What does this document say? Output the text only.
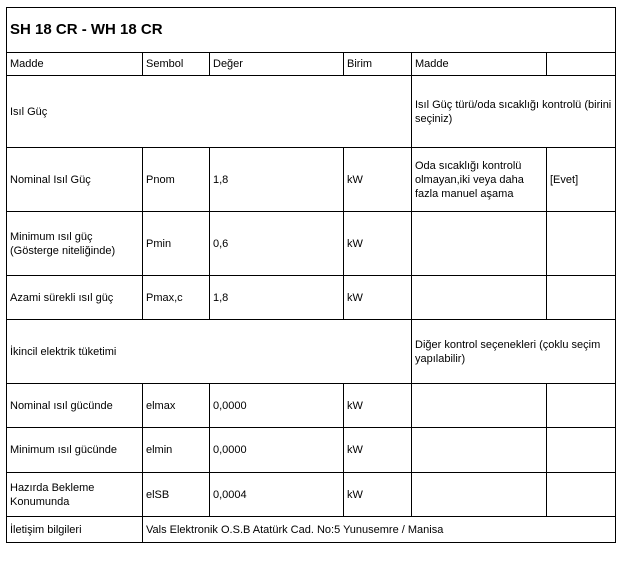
SH 18 CR - WH 18 CR					
Madde	Sembol	Değer	Birim	Madde	
Isıl Güç				Isıl Güç türü/oda sıcaklığı kontrolü (birini seçiniz)	
Nominal Isıl Güç	Pnom	1,8	kW	Oda sıcaklığı kontrolü olmayan,iki veya daha fazla manuel aşama	[Evet]
Minimum ısıl güç (Gösterge niteliğinde)	Pmin	0,6	kW		
Azami sürekli ısıl güç	Pmax,c	1,8	kW		
İkincil elektrik tüketimi				Diğer kontrol seçenekleri (çoklu seçim yapılabilir)	
Nominal ısıl gücünde	elmax	0,0000	kW		
Minimum ısıl gücünde	elmin	0,0000	kW		
Hazırda Bekleme Konumunda	elSB	0,0004	kW		
İletişim bilgileri	Vals Elektronik O.S.B Atatürk Cad. No:5 Yunusemre / Manisa				
